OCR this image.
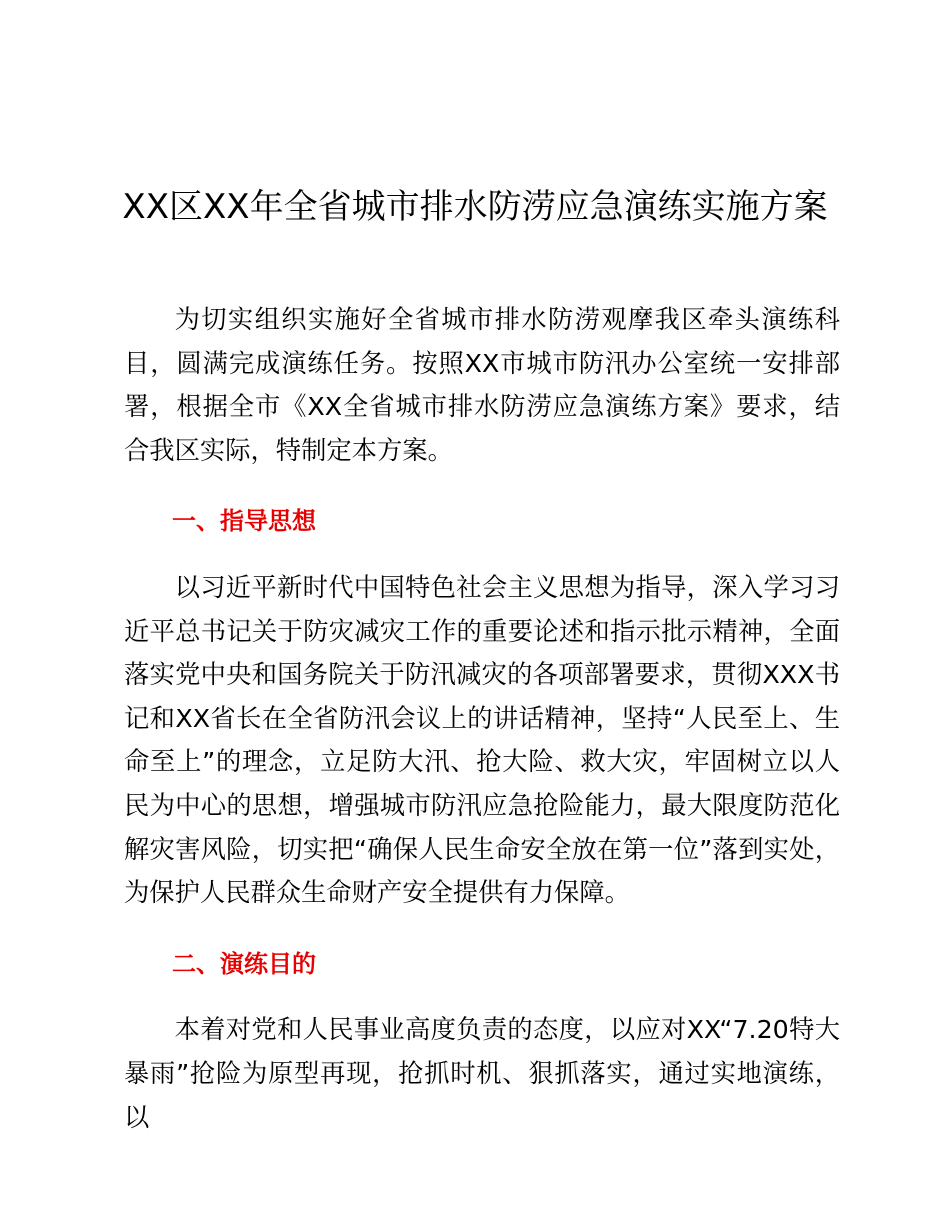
XX区XX年全省城市排水防涝应急演练实施方案

为切实组织实施好全省城市排水防涝观摩我区牵头演练科目，圆满完成演练任务。按照XX市城市防汛办公室统一安排部署，根据全市《XX全省城市排水防涝应急演练方案》要求，结合我区实际，特制定本方案。

一、指导思想

以习近平新时代中国特色社会主义思想为指导，深入学习习近平总书记关于防灾减灾工作的重要论述和指示批示精神，全面落实党中央和国务院关于防汛减灾的各项部署要求，贯彻XXX书记和XX省长在全省防汛会议上的讲话精神，坚持“人民至上、生命至上”的理念，立足防大汛、抢大险、救大灾，牢固树立以人民为中心的思想，增强城市防汛应急抢险能力，最大限度防范化解灾害风险，切实把“确保人民生命安全放在第一位”落到实处，为保护人民群众生命财产安全提供有力保障。

二、演练目的

本着对党和人民事业高度负责的态度，以应对XX“7.20特大暴雨”抢险为原型再现，抢抓时机、狠抓落实，通过实地演练，以
